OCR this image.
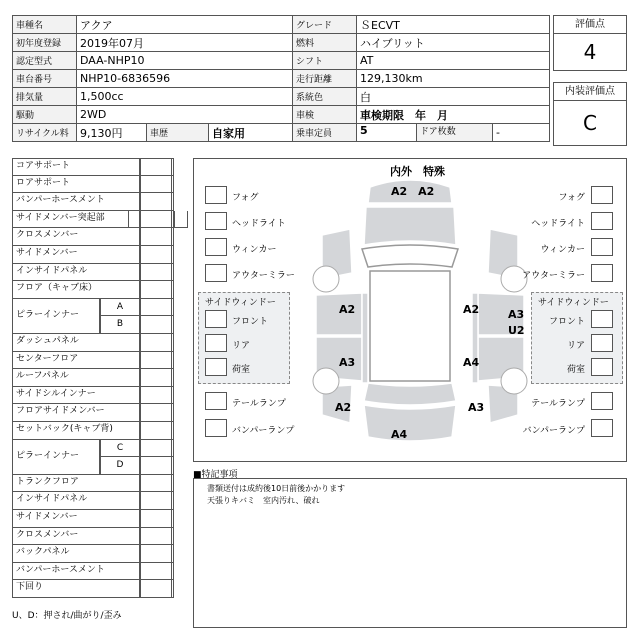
車種名	アクア			グレード	ＳECVT	
初年度登録	2019年07月			燃料	ハイブリット	
認定型式	DAA-NHP10			シフト	AT	
車台番号	NHP10-6836596			走行距離	129,130km	
排気量	1,500cc			系統色	白	
駆動	2WD			車検	車検期限　年　月	
リサイクル料	9,130円	車歴	自家用	乗車定員	5 ドア枚数	-
評価点
4
内装評価点
C
コアサポート
ロアサポート
バンパーホースメント
サイドメンバー突起部
クロスメンバー
サイドメンバー
インサイドパネル
フロア（キャブ床）
ピラーインナー
A
B
ダッシュパネル
センターフロア
ルーフパネル
サイドシルインナー
フロアサイドメンバー
セットバック(キャブ背)
ピラーインナー
C
D
トランクフロア
インサイドパネル
サイドメンバー
クロスメンバー
バックパネル
バンパーホースメント
下回り
U、D：押され/曲がり/歪み
内外　特殊
A2　A2
A2
A3
A2
A2	A3
U2
A4
A3
A4
フォグ
ヘッドライト
ウィンカー
アウターミラー
フォグ
ヘッドライト
ウィンカー
アウターミラー
サイドウィンドー	サイドウィンドー
フロント	フロント
リア	リア
荷室	荷室
テールランプ	テールランプ
バンパーランプ	バンパーランプ
■特記事項
書類送付は成約後10日前後かかります
天張りキバミ　室内汚れ、破れ
